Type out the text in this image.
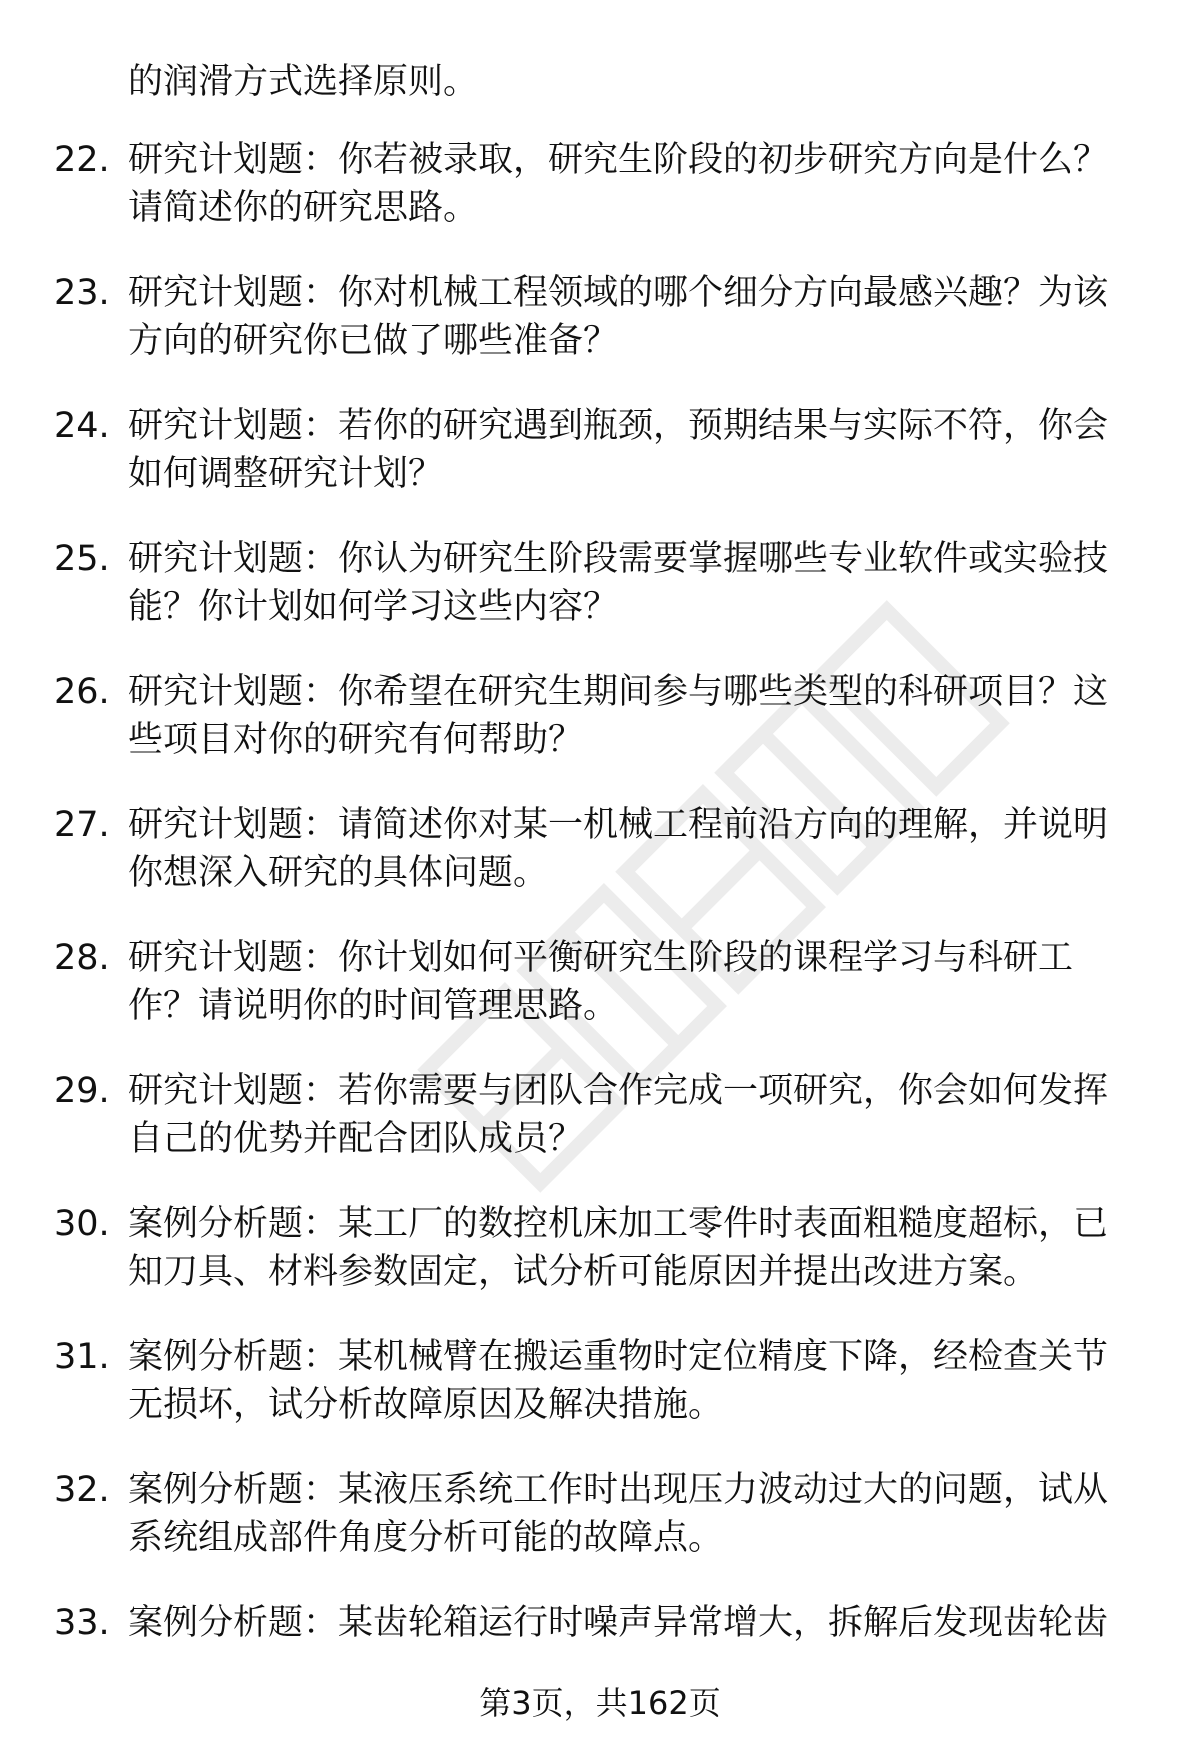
的润滑方式选择原则。
22. 研究计划题：你若被录取，研究生阶段的初步研究方向是什么？
请简述你的研究思路。
23. 研究计划题：你对机械工程领域的哪个细分方向最感兴趣？为该
方向的研究你已做了哪些准备？
24. 研究计划题：若你的研究遇到瓶颈，预期结果与实际不符，你会
如何调整研究计划？
25. 研究计划题：你认为研究生阶段需要掌握哪些专业软件或实验技
能？你计划如何学习这些内容？
26. 研究计划题：你希望在研究生期间参与哪些类型的科研项目？这
些项目对你的研究有何帮助？
27. 研究计划题：请简述你对某一机械工程前沿方向的理解，并说明
你想深入研究的具体问题。
28. 研究计划题：你计划如何平衡研究生阶段的课程学习与科研工
作？请说明你的时间管理思路。
29. 研究计划题：若你需要与团队合作完成一项研究，你会如何发挥
自己的优势并配合团队成员？
30. 案例分析题：某工厂的数控机床加工零件时表面粗糙度超标，已
知刀具、材料参数固定，试分析可能原因并提出改进方案。
31. 案例分析题：某机械臂在搬运重物时定位精度下降，经检查关节
无损坏，试分析故障原因及解决措施。
32. 案例分析题：某液压系统工作时出现压力波动过大的问题，试从
系统组成部件角度分析可能的故障点。
33. 案例分析题：某齿轮箱运行时噪声异常增大，拆解后发现齿轮齿
第3页，共162页
